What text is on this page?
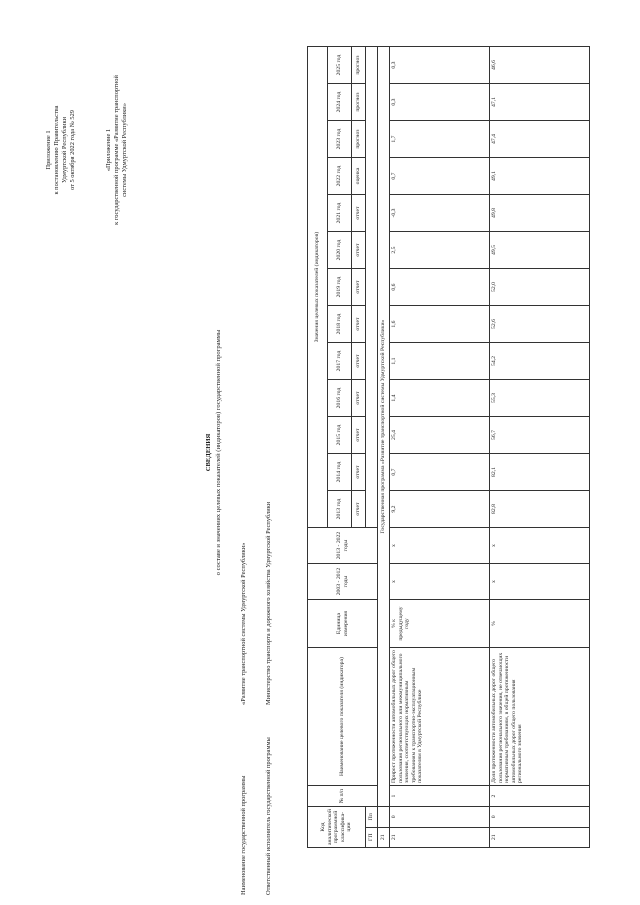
Приложение 1 к постановлению Правительства Удмуртской Республики от 5 октября 2022 года № 529	«Приложение 1 к государственной программе «Развитие транспортной системы Удмуртской Республики»
СВЕДЕНИЯ о составе и значениях целевых показателей (индикаторов) государственной программы
Наименование государственной программы
«Развитие транспортной системы Удмуртской Республики»
Ответственный исполнитель государственной программы
Министерство транспорта и дорожного хозяйства Удмуртской Республики
Код аналитической программной классифика-ции		№ п/п	Наименование целевого показателя (индикатора)	Единица измерения	2003 - 2012 годы	2013 - 2022 годы	Значения целевых показателей (индикаторов)												
							2013 год	2014 год	2015 год	2016 год	2017 год	2018 год	2019 год	2020 год	2021 год	2022 год	2023 год	2024 год	2025 год
							отчет	отчет	отчет	отчет	отчет	отчет	отчет	отчет	отчет	оценка	прогноз	прогноз	прогноз
ГП	Пп																		
21		Государственная программа «Развитие транспортной системы Удмуртской Республики»																	
21	0	1	Прирост протяженности автомобильных дорог общего пользования регионального или межмуниципального значения, соответствующих нормативным требованиям к транспортно-эксплуатационным показателям в Удмуртской Республике	% к предыдущему году	x	x	9,2	0,7	25,4	1,4	1,1	1,6	0,6	2,5	-0,3	0,7	1,7	0,3	0,3
21	0	2	Доля протяженности автомобильных дорог общего пользования регионального значения, не отвечающих нормативным требованиям, в общей протяженности автомобильных дорог общего пользования регионального значения	%	x	x	82,8	82,1	56,7	55,3	54,2	52,6	52,0	49,5	49,8	49,1	47,4	47,1	46,6
